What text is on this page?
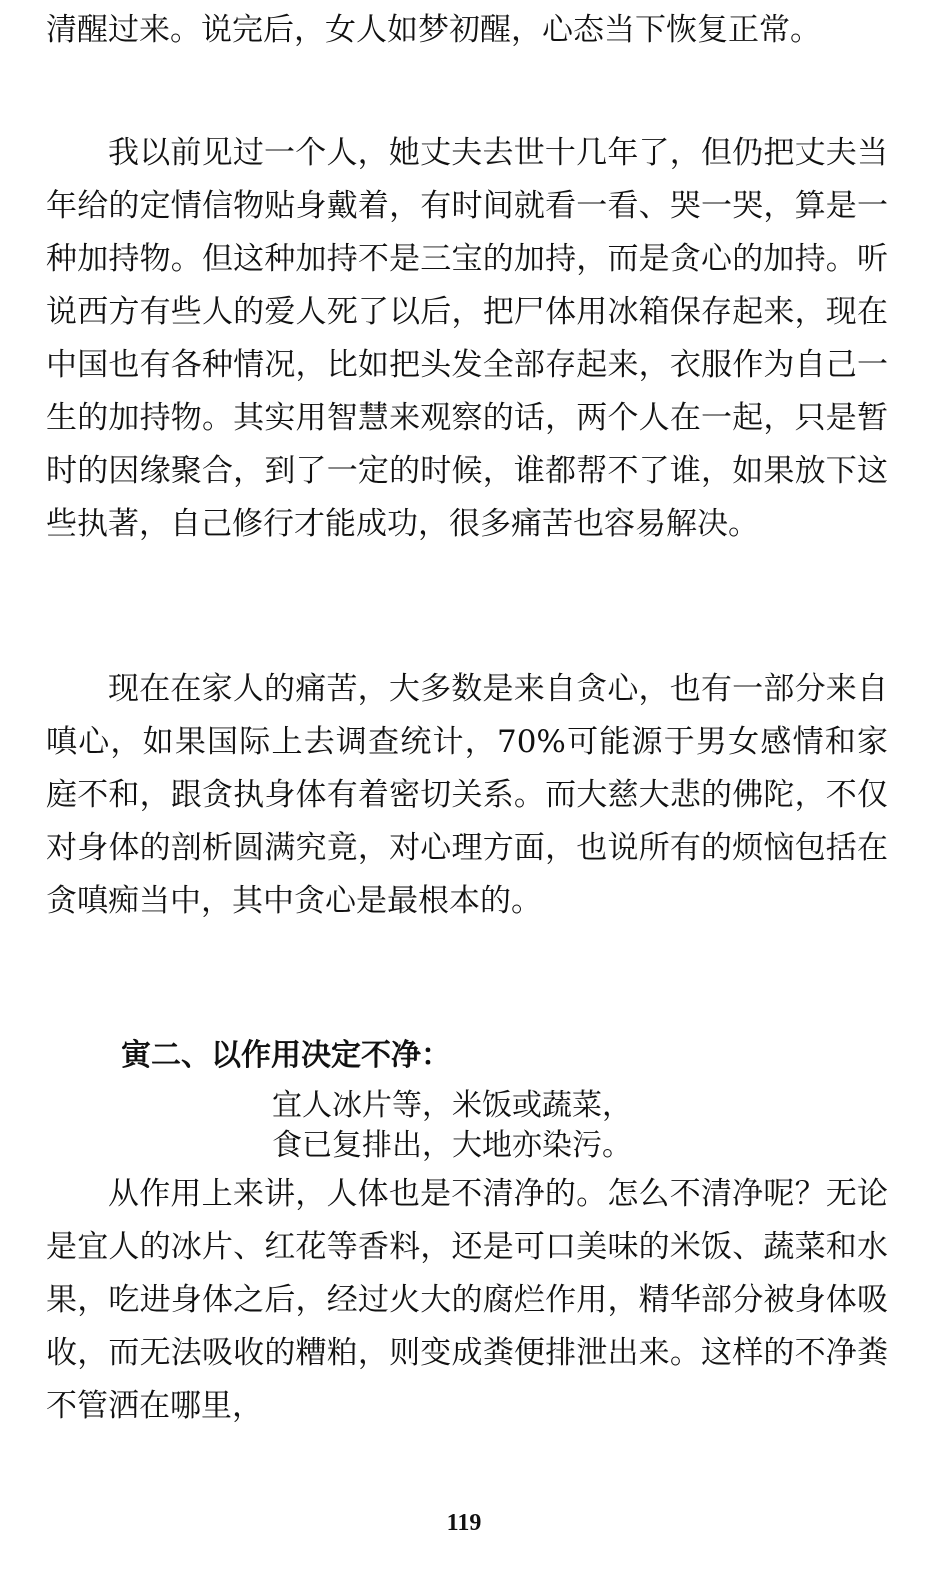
清醒过来。说完后，女人如梦初醒，心态当下恢复正常。

我以前见过一个人，她丈夫去世十几年了，但仍把丈夫当年给的定情信物贴身戴着，有时间就看一看、哭一哭，算是一种加持物。但这种加持不是三宝的加持，而是贪心的加持。听说西方有些人的爱人死了以后，把尸体用冰箱保存起来，现在中国也有各种情况，比如把头发全部存起来，衣服作为自己一生的加持物。其实用智慧来观察的话，两个人在一起，只是暂时的因缘聚合，到了一定的时候，谁都帮不了谁，如果放下这些执著，自己修行才能成功，很多痛苦也容易解决。

现在在家人的痛苦，大多数是来自贪心，也有一部分来自嗔心，如果国际上去调查统计，70%可能源于男女感情和家庭不和，跟贪执身体有着密切关系。而大慈大悲的佛陀，不仅对身体的剖析圆满究竟，对心理方面，也说所有的烦恼包括在贪嗔痴当中，其中贪心是最根本的。

寅二、以作用决定不净：

宜人冰片等，米饭或蔬菜，

食已复排出，大地亦染污。

从作用上来讲，人体也是不清净的。怎么不清净呢？无论是宜人的冰片、红花等香料，还是可口美味的米饭、蔬菜和水果，吃进身体之后，经过火大的腐烂作用，精华部分被身体吸收，而无法吸收的糟粕，则变成粪便排泄出来。这样的不净粪不管洒在哪里，

119
